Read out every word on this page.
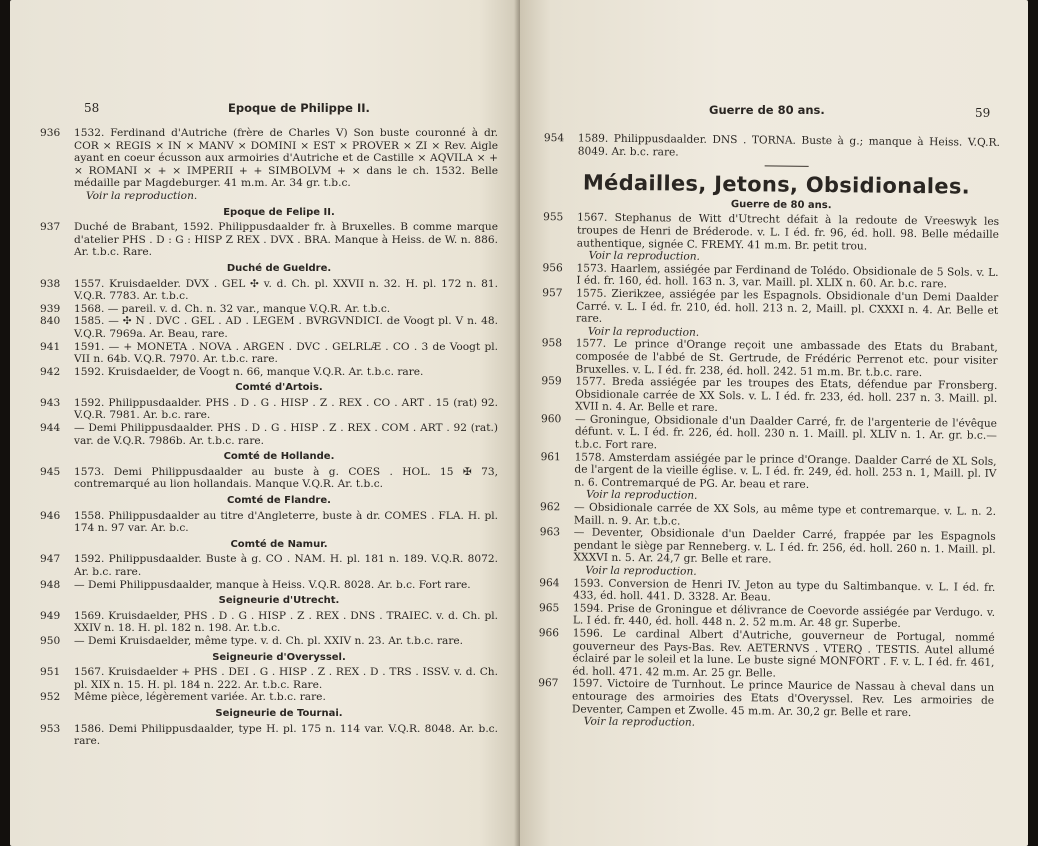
58	Epoque de Philippe II.
936 1532. Ferdinand d'Autriche (frère de Charles V) Son buste couronné à dr. COR × REGIS × IN × MANV × DOMINI × EST × PROVER × ZI × Rev. Aigle ayant en coeur écusson aux armoiries d'Autriche et de Castille × AQVILA × + × ROMANI × + × IMPERII + + SIMBOLVM + × dans le ch. 1532. Belle médaille par Magdeburger. 41 m.m. Ar. 34 gr. t.b.c.
Voir la reproduction.

Epoque de Felipe II.
937 Duché de Brabant, 1592. Philippusdaalder fr. à Bruxelles. B comme marque d'atelier PHS . D : G : HISP Z REX . DVX . BRA. Manque à Heiss. de W. n. 886. Ar. t.b.c. Rare.

Duché de Gueldre.
938 1557. Kruisdaelder. DVX . GEL ✣ v. d. Ch. pl. XXVII n. 32. H. pl. 172 n. 81. V.Q.R. 7783. Ar. t.b.c.

939 1568. — pareil. v. d. Ch. n. 32 var., manque V.Q.R. Ar. t.b.c.

840 1585. — ✣ N . DVC . GEL . AD . LEGEM . BVRGVNDICI. de Voogt pl. V n. 48. V.Q.R. 7969a. Ar. Beau, rare.

941 1591. — + MONETA . NOVA . ARGEN . DVC . GELRLÆ . CO . 3 de Voogt pl. VII n. 64b. V.Q.R. 7970. Ar. t.b.c. rare.

942 1592. Kruisdaelder, de Voogt n. 66, manque V.Q.R. Ar. t.b.c. rare.

Comté d'Artois.
943 1592. Philippusdaalder. PHS . D . G . HISP . Z . REX . CO . ART . 15 (rat) 92. V.Q.R. 7981. Ar. b.c. rare.

944 — Demi Philippusdaalder. PHS . D . G . HISP . Z . REX . COM . ART . 92 (rat.) var. de V.Q.R. 7986b. Ar. t.b.c. rare.

Comté de Hollande.
945 1573. Demi Philippusdaalder au buste à g. COES . HOL. 15 ✠ 73, contremarqué au lion hollandais. Manque V.Q.R. Ar. t.b.c.

Comté de Flandre.
946 1558. Philippusdaalder au titre d'Angleterre, buste à dr. COMES . FLA. H. pl. 174 n. 97 var. Ar. b.c.

Comté de Namur.
947 1592. Philippusdaalder. Buste à g. CO . NAM. H. pl. 181 n. 189. V.Q.R. 8072. Ar. b.c. rare.

948 — Demi Philippusdaalder, manque à Heiss. V.Q.R. 8028. Ar. b.c. Fort rare.

Seigneurie d'Utrecht.
949 1569. Kruisdaelder, PHS . D . G . HISP . Z . REX . DNS . TRAIEC. v. d. Ch. pl. XXIV n. 18. H. pl. 182 n. 198. Ar. t.b.c.

950 — Demi Kruisdaelder, même type. v. d. Ch. pl. XXIV n. 23. Ar. t.b.c. rare.

Seigneurie d'Overyssel.
951 1567. Kruisdaelder + PHS . DEI . G . HISP . Z . REX . D . TRS . ISSV. v. d. Ch. pl. XIX n. 15. H. pl. 184 n. 222. Ar. t.b.c. Rare.

952 Même pièce, légèrement variée. Ar. t.b.c. rare.

Seigneurie de Tournai.
953 1586. Demi Philippusdaalder, type H. pl. 175 n. 114 var. V.Q.R. 8048. Ar. b.c. rare.

Guerre de 80 ans.	59
954 1589. Philippusdaalder. DNS . TORNA. Buste à g.; manque à Heiss. V.Q.R. 8049. Ar. b.c. rare.

Médailles, Jetons, Obsidionales.
Guerre de 80 ans.
955 1567. Stephanus de Witt d'Utrecht défait à la redoute de Vreeswyk les troupes de Henri de Bréderode. v. L. I éd. fr. 96, éd. holl. 98. Belle médaille authentique, signée C. FREMY. 41 m.m. Br. petit trou.
Voir la reproduction.

956 1573. Haarlem, assiégée par Ferdinand de Tolédo. Obsidionale de 5 Sols. v. L. I éd. fr. 160, éd. holl. 163 n. 3, var. Maill. pl. XLIX n. 60. Ar. b.c. rare.

957 1575. Zierikzee, assiégée par les Espagnols. Obsidionale d'un Demi Daalder Carré. v. L. I éd. fr. 210, éd. holl. 213 n. 2, Maill. pl. CXXXI n. 4. Ar. Belle et rare.
Voir la reproduction.

958 1577. Le prince d'Orange reçoit une ambassade des Etats du Brabant, composée de l'abbé de St. Gertrude, de Frédéric Perrenot etc. pour visiter Bruxelles. v. L. I éd. fr. 238, éd. holl. 242. 51 m.m. Br. t.b.c. rare.

959 1577. Breda assiégée par les troupes des Etats, défendue par Fronsberg. Obsidionale carrée de XX Sols. v. L. I éd. fr. 233, éd. holl. 237 n. 3. Maill. pl. XVII n. 4. Ar. Belle et rare.

960 — Groningue, Obsidionale d'un Daalder Carré, fr. de l'argenterie de l'évêque défunt. v. L. I éd. fr. 226, éd. holl. 230 n. 1. Maill. pl. XLIV n. 1. Ar. gr. b.c.—t.b.c. Fort rare.

961 1578. Amsterdam assiégée par le prince d'Orange. Daalder Carré de XL Sols, de l'argent de la vieille église. v. L. I éd. fr. 249, éd. holl. 253 n. 1, Maill. pl. IV n. 6. Contremarqué de PG. Ar. beau et rare.
Voir la reproduction.

962 — Obsidionale carrée de XX Sols, au même type et contremarque. v. L. n. 2. Maill. n. 9. Ar. t.b.c.

963 — Deventer, Obsidionale d'un Daelder Carré, frappée par les Espagnols pendant le siège par Renneberg. v. L. I éd. fr. 256, éd. holl. 260 n. 1. Maill. pl. XXXVI n. 5. Ar. 24,7 gr. Belle et rare.
Voir la reproduction.

964 1593. Conversion de Henri IV. Jeton au type du Saltimbanque. v. L. I éd. fr. 433, éd. holl. 441. D. 3328. Ar. Beau.

965 1594. Prise de Groningue et délivrance de Coevorde assiégée par Verdugo. v. L. I éd. fr. 440, éd. holl. 448 n. 2. 52 m.m. Ar. 48 gr. Superbe.

966 1596. Le cardinal Albert d'Autriche, gouverneur de Portugal, nommé gouverneur des Pays-Bas. Rev. AETERNVS . VTERQ . TESTIS. Autel allumé éclairé par le soleil et la lune. Le buste signé MONFORT . F. v. L. I éd. fr. 461, éd. holl. 471. 42 m.m. Ar. 25 gr. Belle.

967 1597. Victoire de Turnhout. Le prince Maurice de Nassau à cheval dans un entourage des armoiries des Etats d'Overyssel. Rev. Les armoiries de Deventer, Campen et Zwolle. 45 m.m. Ar. 30,2 gr. Belle et rare.
Voir la reproduction.
